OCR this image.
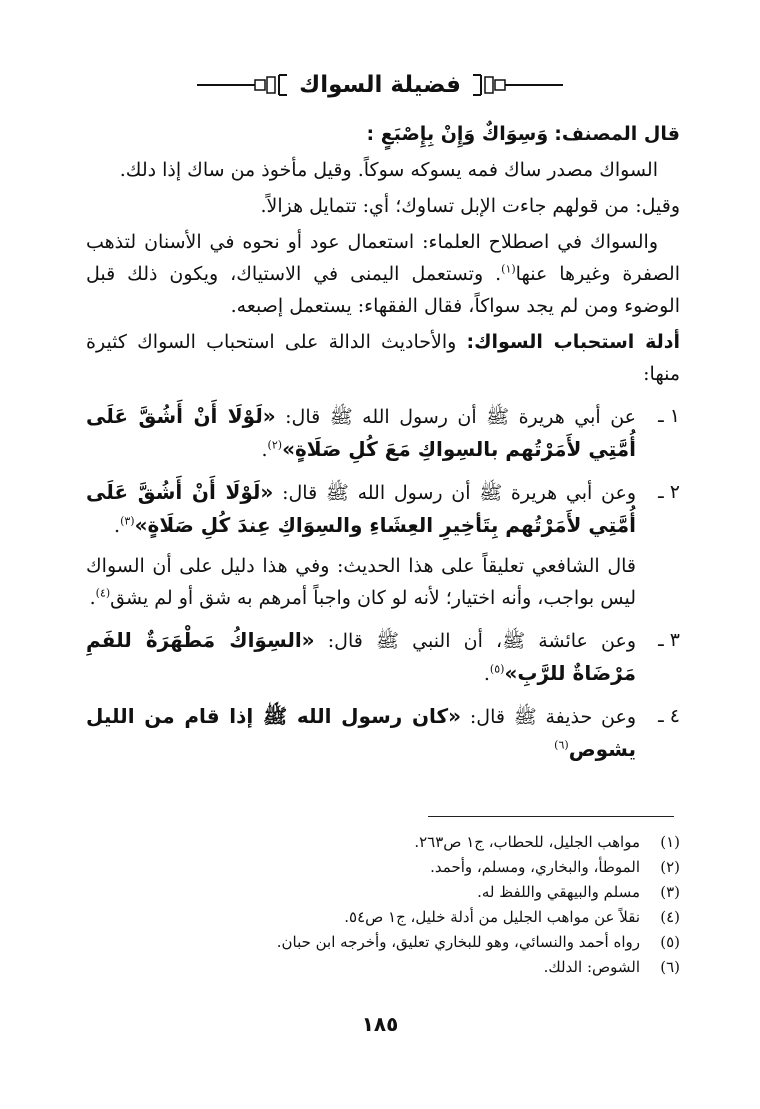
فضيلة السواك

قال المصنف: وَسِوَاكٌ وَإِنْ بِإِصْبَعٍ :

السواك مصدر ساك فمه يسوكه سوكاً. وقيل مأخوذ من ساك إذا دلك.

وقيل: من قولهم جاءت الإبل تساوك؛ أي: تتمايل هزالاً.

والسواك في اصطلاح العلماء: استعمال عود أو نحوه في الأسنان لتذهب الصفرة وغيرها عنها$^{(١)}$. وتستعمل اليمنى في الاستياك، ويكون ذلك قبل الوضوء ومن لم يجد سواكاً، فقال الفقهاء: يستعمل إصبعه.

أدلة استحباب السواك: والأحاديث الدالة على استحباب السواك كثيرة منها:

١ ـ
عن أبي هريرة ﷺ أن رسول الله ﷺ قال: «لَوْلَا أَنْ أَشُقَّ عَلَى أُمَّتِي لأَمَرْتُهم بالسِواكِ مَعَ كُلِ صَلَاةٍ»$^{(٢)}$.
٢ ـ
وعن أبي هريرة ﷺ أن رسول الله ﷺ قال: «لَوْلَا أَنْ أَشُقَّ عَلَى أُمَّتِي لأَمَرْتُهم بِتَأخِيرِ العِشَاءِ والسِوَاكِ عِندَ كُلِ صَلَاةٍ»$^{(٣)}$.

قال الشافعي تعليقاً على هذا الحديث: وفي هذا دليل على أن السواك ليس بواجب، وأنه اختيار؛ لأنه لو كان واجباً أمرهم به شق أو لم يشق$^{(٤)}$.

٣ ـ
وعن عائشة ﷺ، أن النبي ﷺ قال: «السِوَاكُ مَطْهَرَةٌ للفَمِ مَرْضَاةٌ للرَّبِ»$^{(٥)}$.
٤ ـ
وعن حذيفة ﷺ قال: «كان رسول الله ﷺ إذا قام من الليل يشوص$^{(٦)}$
(١)
مواهب الجليل، للحطاب، ج١ ص٢٦٣.
(٢)
الموطأ، والبخاري، ومسلم، وأحمد.
(٣)
مسلم والبيهقي واللفظ له.
(٤)
نقلاً عن مواهب الجليل من أدلة خليل، ج١ ص٥٤.
(٥)
رواه أحمد والنسائي، وهو للبخاري تعليق، وأخرجه ابن حبان.
(٦)
الشوص: الدلك.
١٨٥
